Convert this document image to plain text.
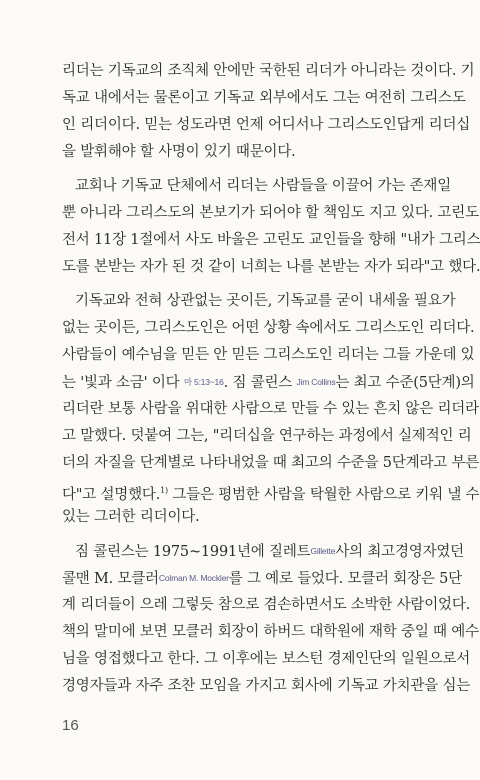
리더는 기독교의 조직체 안에만 국한된 리더가 아니라는 것이다. 기
독교 내에서는 물론이고 기독교 외부에서도 그는 여전히 그리스도
인 리더이다. 믿는 성도라면 언제 어디서나 그리스도인답게 리더십
을 발휘해야 할 사명이 있기 때문이다.
교회나 기독교 단체에서 리더는 사람들을 이끌어 가는 존재일
뿐 아니라 그리스도의 본보기가 되어야 할 책임도 지고 있다. 고린도
전서 11장 1절에서 사도 바울은 고린도 교인들을 향해 "내가 그리스
도를 본받는 자가 된 것 같이 너희는 나를 본받는 자가 되라"고 했다.
기독교와 전혀 상관없는 곳이든, 기독교를 굳이 내세울 필요가
없는 곳이든, 그리스도인은 어떤 상황 속에서도 그리스도인 리더다.
사람들이 예수님을 믿든 안 믿든 그리스도인 리더는 그들 가운데 있
는 '빛과 소금' 이다 마 5:13~16. 짐 콜린스 Jim Collins는 최고 수준(5단계)의
리더란 보통 사람을 위대한 사람으로 만들 수 있는 흔치 않은 리더라
고 말했다. 덧붙여 그는, "리더십을 연구하는 과정에서 실제적인 리
더의 자질을 단계별로 나타내었을 때 최고의 수준을 5단계라고 부른
다"고 설명했다.$^{1)}$ 그들은 평범한 사람을 탁월한 사람으로 키워 낼 수
있는 그러한 리더이다.
짐 콜린스는 1975~1991년에 질레트Gillette사의 최고경영자였던
콜맨 M. 모클러Colman M. Mockler를 그 예로 들었다. 모클러 회장은 5단
계 리더들이 으레 그렇듯 참으로 겸손하면서도 소박한 사람이었다.
책의 말미에 보면 모클러 회장이 하버드 대학원에 재학 중일 때 예수
님을 영접했다고 한다. 그 이후에는 보스턴 경제인단의 일원으로서
경영자들과 자주 조찬 모임을 가지고 회사에 기독교 가치관을 심는
16
